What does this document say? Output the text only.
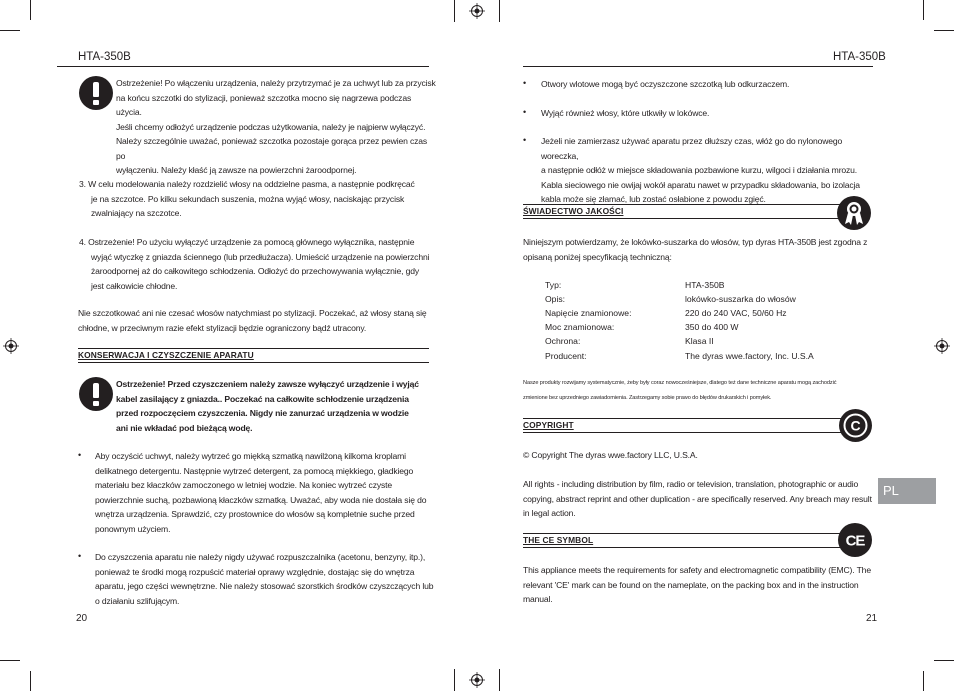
HTA-350B	HTA-350B
Ostrzeżenie! Po włączeniu urządzenia, należy przytrzymać je za uchwyt lub za przycisk
na końcu szczotki do stylizacji, ponieważ szczotka mocno się nagrzewa podczas
użycia.
Jeśli chcemy odłożyć urządzenie podczas użytkowania, należy je najpierw wyłączyć.
Należy szczególnie uważać, ponieważ szczotka pozostaje gorąca przez pewien czas po
wyłączeniu. Należy kłaść ją zawsze na powierzchni żaroodpornej.
3. W celu modelowania należy rozdzielić włosy na oddzielne pasma, a następnie podkręcać
je na szczotce. Po kilku sekundach suszenia, można wyjąć włosy, naciskając przycisk
zwalniający na szczotce.
4. Ostrzeżenie! Po użyciu wyłączyć urządzenie za pomocą głównego wyłącznika, następnie
wyjąć wtyczkę z gniazda ściennego (lub przedłużacza). Umieścić urządzenie na powierzchni
żaroodpornej aż do całkowitego schłodzenia. Odłożyć do przechowywania wyłącznie, gdy
jest całkowicie chłodne.
Nie szczotkować ani nie czesać włosów natychmiast po stylizacji. Poczekać, aż włosy staną się
chłodne, w przeciwnym razie efekt stylizacji będzie ograniczony bądź utracony.
KONSERWACJA I CZYSZCZENIE APARATU
Ostrzeżenie! Przed czyszczeniem należy zawsze wyłączyć urządzenie i wyjąć
kabel zasilający z gniazda.. Poczekać na całkowite schłodzenie urządzenia
przed rozpoczęciem czyszczenia. Nigdy nie zanurzać urządzenia w wodzie
ani nie wkładać pod bieżącą wodę.
• Aby oczyścić uchwyt, należy wytrzeć go miękką szmatką nawilżoną kilkoma kroplami
delikatnego detergentu. Następnie wytrzeć detergent, za pomocą miękkiego, gładkiego
materiału bez kłaczków zamoczonego w letniej wodzie. Na koniec wytrzeć czyste
powierzchnie suchą, pozbawioną kłaczków szmatką. Uważać, aby woda nie dostała się do
wnętrza urządzenia. Sprawdzić, czy prostownice do włosów są kompletnie suche przed
ponownym użyciem.
• Do czyszczenia aparatu nie należy nigdy używać rozpuszczalnika (acetonu, benzyny, itp.),
ponieważ te środki mogą rozpuścić materiał oprawy względnie, dostając się do wnętrza
aparatu, jego części wewnętrzne. Nie należy stosować szorstkich środków czyszczących lub
o działaniu szlifującym.
20
• Otwory wlotowe mogą być oczyszczone szczotką lub odkurzaczem.
• Wyjąć również włosy, które utkwiły w lokówce.
• Jeżeli nie zamierzasz używać aparatu przez dłuższy czas, włóż go do nylonowego woreczka,
a następnie odłóż w miejsce składowania pozbawione kurzu, wilgoci i działania mrozu.
Kabla sieciowego nie owijaj wokół aparatu nawet w przypadku składowania, bo izolacja
kabla może się złamać, lub zostać osłabione z powodu zgięć.
ŚWIADECTWO JAKOŚCI
Niniejszym potwierdzamy, że lokówko-suszarka do włosów, typ dyras HTA-350B jest zgodna z
opisaną poniżej specyfikacją techniczną:
Typ:	HTA-350B
Opis:	lokówko-suszarka do włosów
Napięcie znamionowe:	220 do 240 VAC, 50/60 Hz
Moc znamionowa:	350 do 400 W
Ochrona:	Klasa II
Producent:	The dyras wwe.factory, Inc. U.S.A
Nasze produkty rozwijamy systematycznie, żeby były coraz nowocześniejsze, dlatego też dane techniczne aparatu mogą zachodzić
zmienione bez uprzedniego zawiadomienia. Zastrzegamy sobie prawo do błędów drukarskich i pomyłek.
COPYRIGHT	C
© Copyright The dyras wwe.factory LLC, U.S.A.
All rights - including distribution by film, radio or television, translation, photographic or audio
copying, abstract reprint and other duplication - are specifically reserved. Any breach may result
in legal action.
PL
THE CE SYMBOL	CE
This appliance meets the requirements for safety and electromagnetic compatibility (EMC). The
relevant 'CE' mark can be found on the nameplate, on the packing box and in the instruction
manual.
21
